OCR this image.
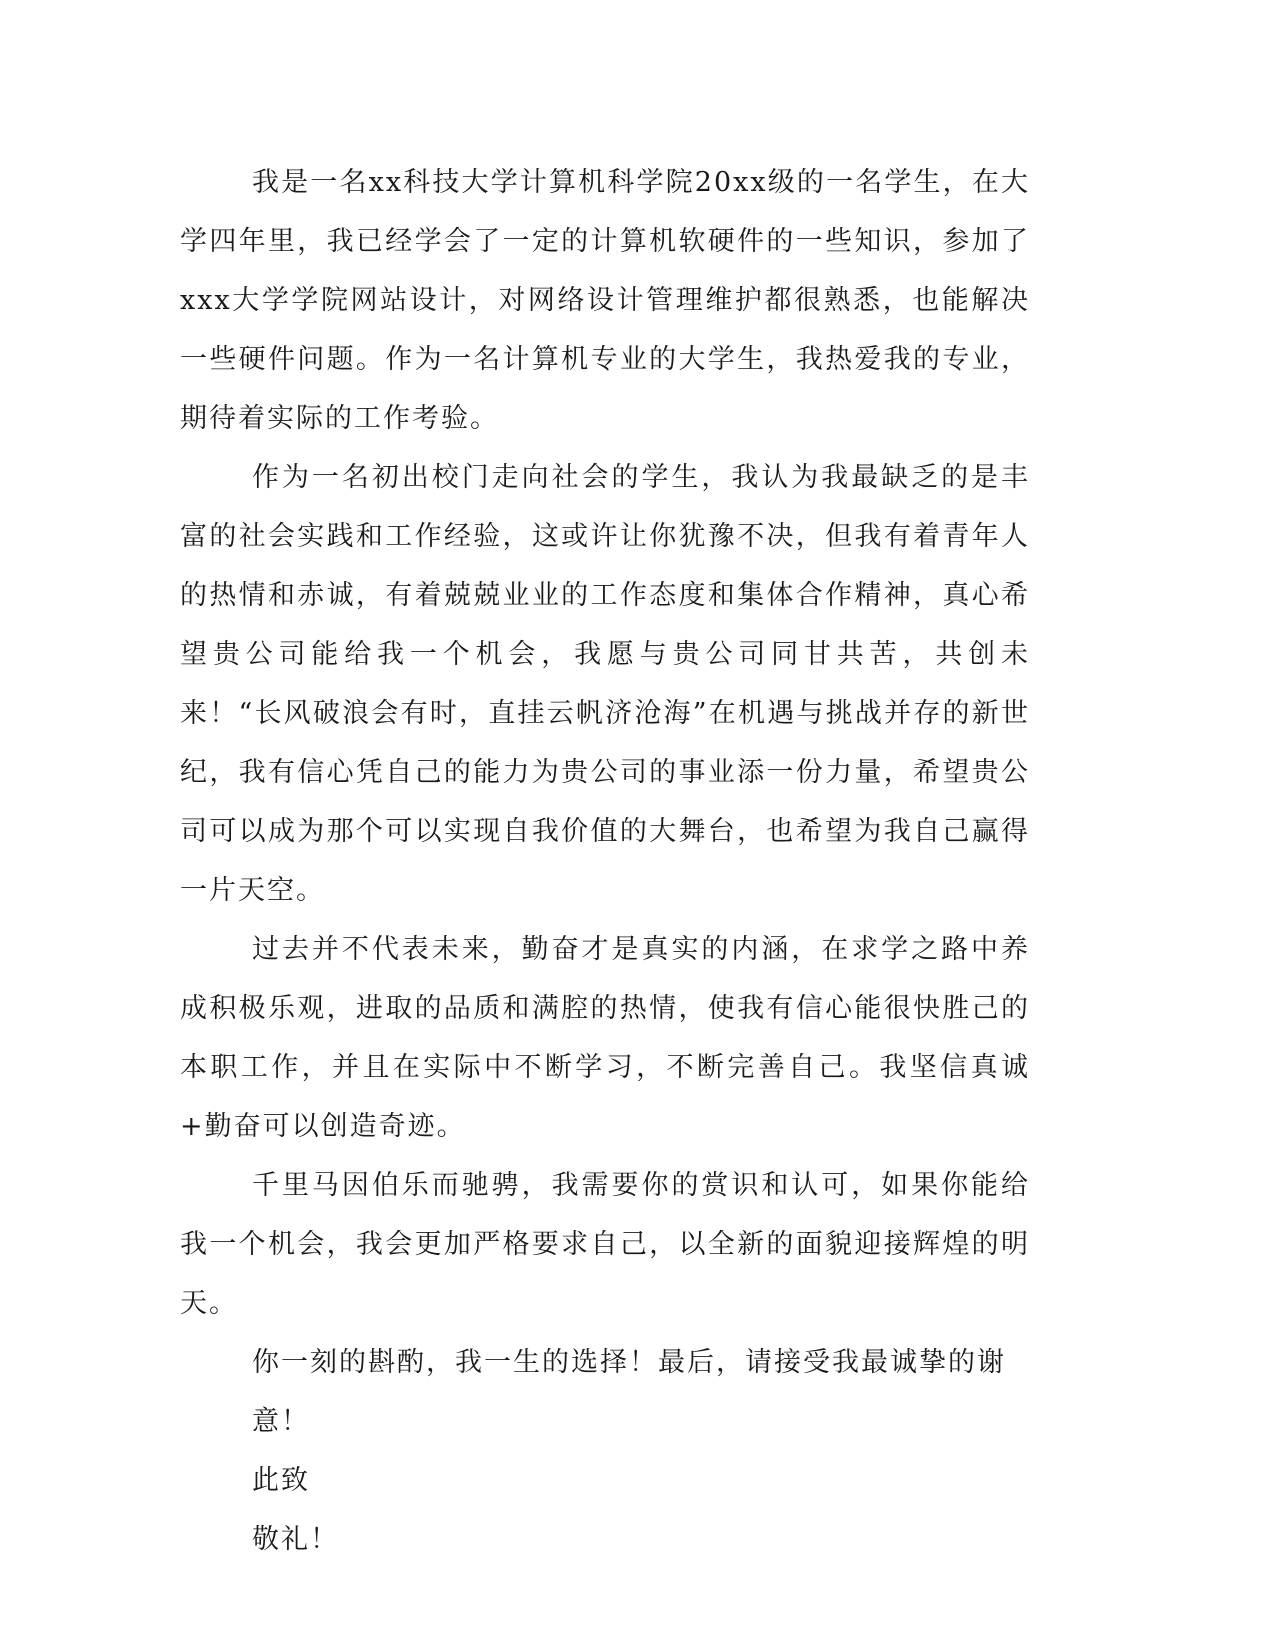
我是一名xx科技大学计算机科学院20xx级的一名学生，在大学四年里，我已经学会了一定的计算机软硬件的一些知识，参加了xxx大学学院网站设计，对网络设计管理维护都很熟悉，也能解决一些硬件问题。作为一名计算机专业的大学生，我热爱我的专业，期待着实际的工作考验。

作为一名初出校门走向社会的学生，我认为我最缺乏的是丰富的社会实践和工作经验，这或许让你犹豫不决，但我有着青年人的热情和赤诚，有着兢兢业业的工作态度和集体合作精神，真心希望贵公司能给我一个机会，我愿与贵公司同甘共苦，共创未来！“长风破浪会有时，直挂云帆济沧海”在机遇与挑战并存的新世纪，我有信心凭自己的能力为贵公司的事业添一份力量，希望贵公司可以成为那个可以实现自我价值的大舞台，也希望为我自己赢得一片天空。

过去并不代表未来，勤奋才是真实的内涵，在求学之路中养成积极乐观，进取的品质和满腔的热情，使我有信心能很快胜己的本职工作，并且在实际中不断学习，不断完善自己。我坚信真诚+勤奋可以创造奇迹。

千里马因伯乐而驰骋，我需要你的赏识和认可，如果你能给我一个机会，我会更加严格要求自己，以全新的面貌迎接辉煌的明天。

你一刻的斟酌，我一生的选择！最后，请接受我最诚挚的谢意！

此致

敬礼！
